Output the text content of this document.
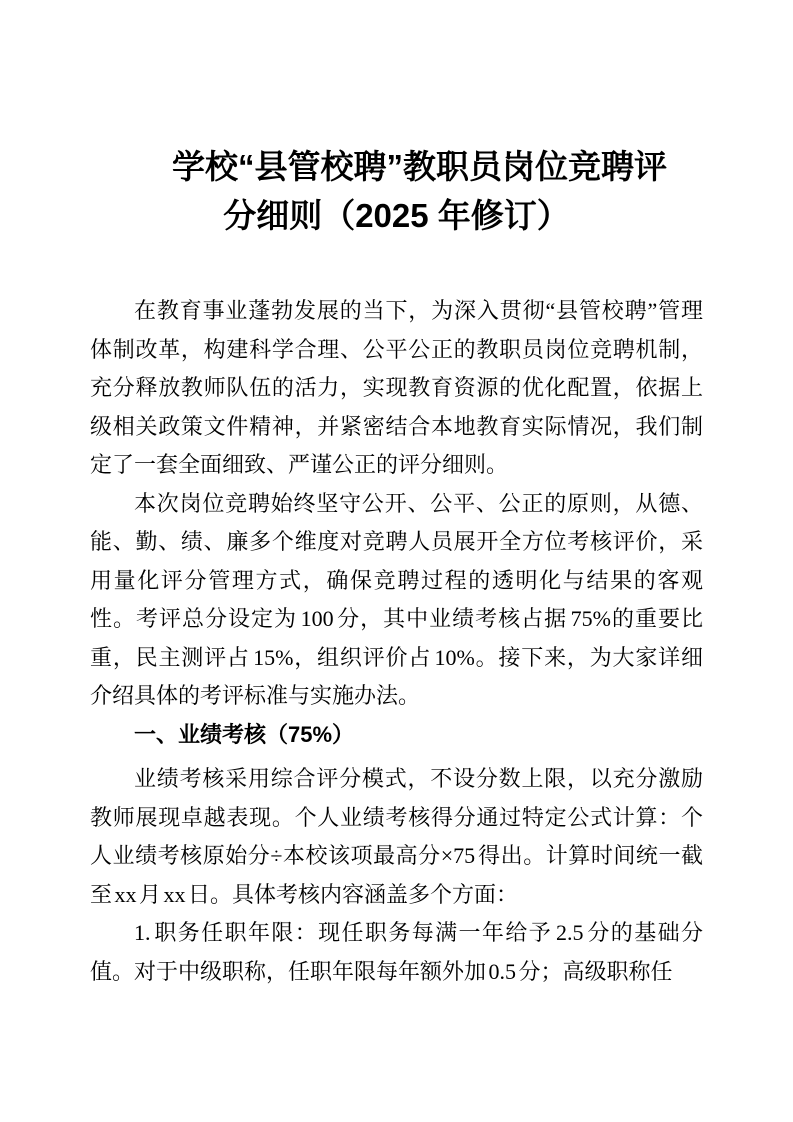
学校“县管校聘”教职员岗位竞聘评
分细则（2025 年修订）

在教育事业蓬勃发展的当下，为深入贯彻“县管校聘”管理体制改革，构建科学合理、公平公正的教职员岗位竞聘机制，充分释放教师队伍的活力，实现教育资源的优化配置，依据上级相关政策文件精神，并紧密结合本地教育实际情况，我们制定了一套全面细致、严谨公正的评分细则。

本次岗位竞聘始终坚守公开、公平、公正的原则，从德、能、勤、绩、廉多个维度对竞聘人员展开全方位考核评价，采用量化评分管理方式，确保竞聘过程的透明化与结果的客观性。考评总分设定为 100 分，其中业绩考核占据 75%的重要比重，民主测评占 15%，组织评价占 10%。接下来，为大家详细介绍具体的考评标准与实施办法。

一、业绩考核（75%）

业绩考核采用综合评分模式，不设分数上限，以充分激励教师展现卓越表现。个人业绩考核得分通过特定公式计算：个人业绩考核原始分÷本校该项最高分×75 得出。计算时间统一截至 xx 月 xx 日。具体考核内容涵盖多个方面：

1. 职务任职年限：现任职务每满一年给予 2.5 分的基础分值。对于中级职称，任职年限每年额外加 0.5 分；高级职称任
